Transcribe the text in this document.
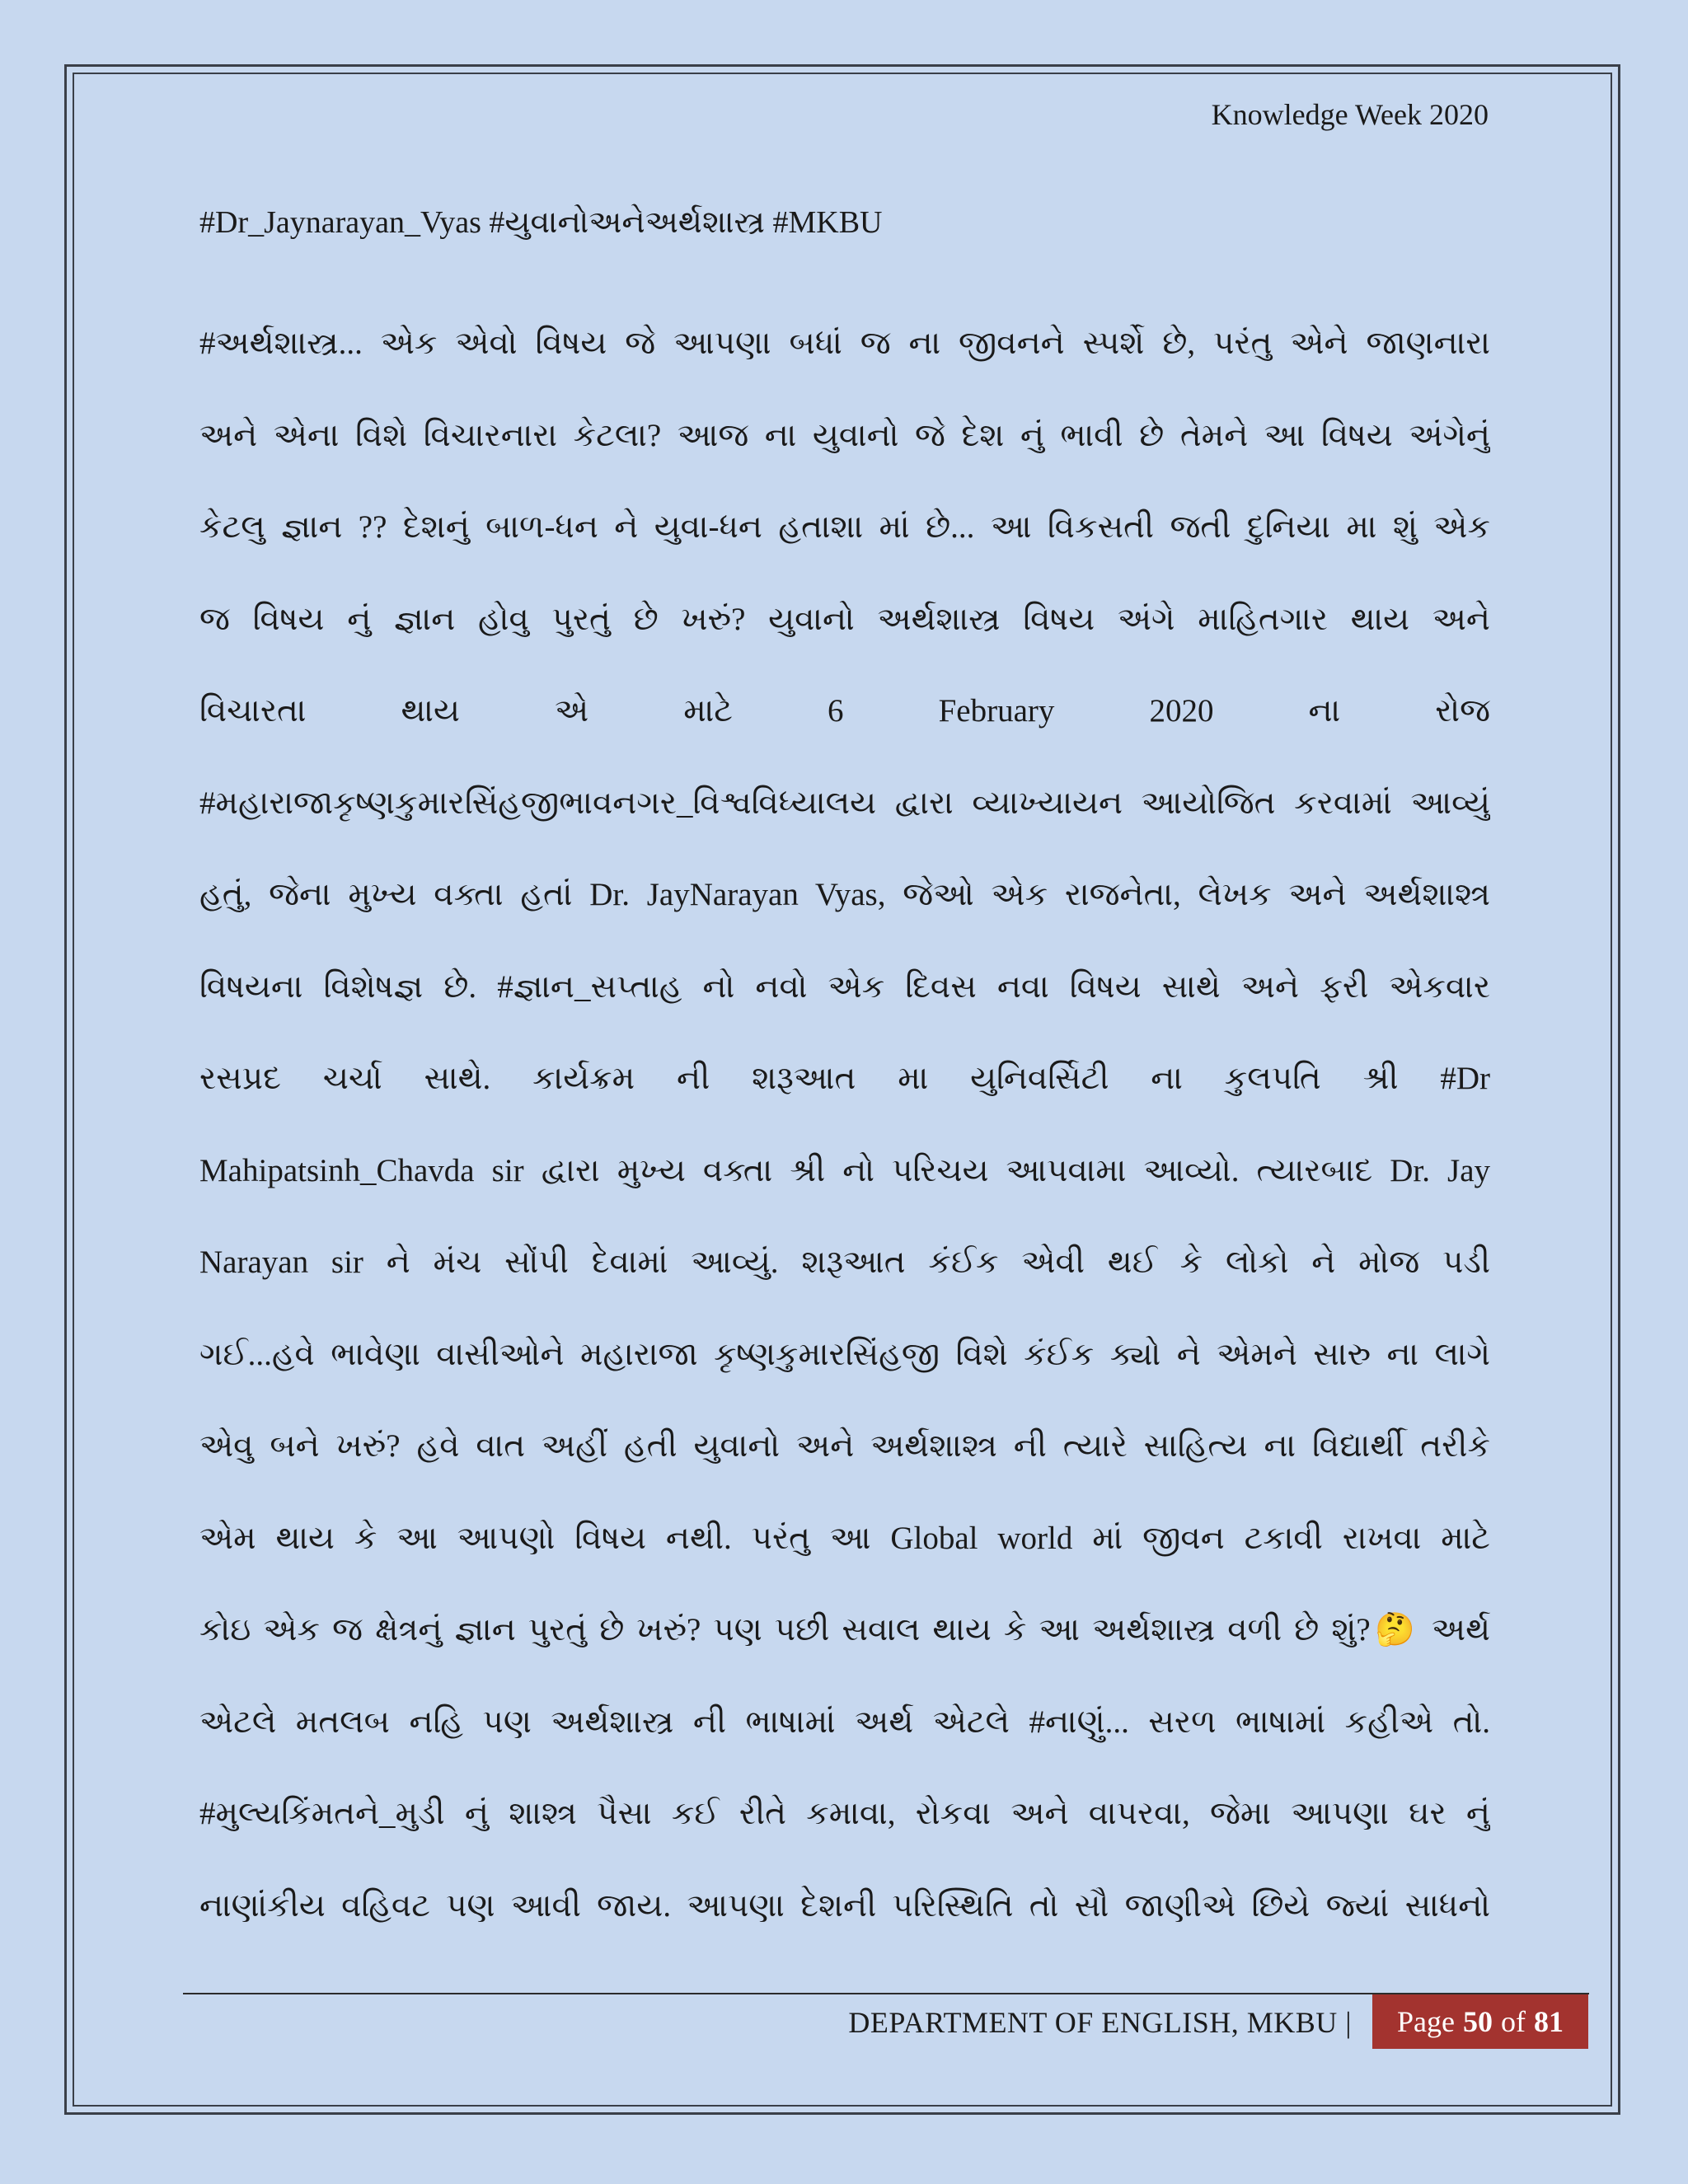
Knowledge Week 2020
#Dr_Jaynarayan_Vyas #યુવાનોઅનેઅર્થશાસ્ત્ર #MKBU
#અર્થશાસ્ત્ર... એક એવો વિષય જે આપણા બધાં જ ના જીવનને સ્પર્શે છે, પરંતુ એને જાણનારા
અને એના વિશે વિચારનારા કેટલા? આજ ના યુવાનો જે દેશ નું ભાવી છે તેમને આ વિષય અંગેનું
કેટલુ જ્ઞાન ?? દેશનું બાળ-ધન ને યુવા-ધન હતાશા માં છે... આ વિકસતી જતી દુનિયા મા શું એક
જ વિષય નું જ્ઞાન હોવુ પુરતું છે ખરું? યુવાનો અર્થશાસ્ત્ર વિષય અંગે માહિતગાર થાય અને
વિચારતા થાય એ માટે 6 February 2020 ના રોજ
#મહારાજાકૃષ્ણકુમારસિંહજીભાવનગર_વિશ્વવિધ્યાલય દ્વારા વ્યાખ્યાયન આયોજિત કરવામાં આવ્યું
હતું, જેના મુખ્ય વક્તા હતાં Dr. JayNarayan Vyas, જેઓ એક રાજનેતા, લેખક અને અર્થશાશ્ત્ર
વિષયના વિશેષજ્ઞ છે. #જ્ઞાન_સપ્તાહ નો નવો એક દિવસ નવા વિષય સાથે અને ફરી એકવાર
રસપ્રદ ચર્ચા સાથે. કાર્યક્રમ ની શરૂઆત મા યુનિવર્સિટી ના કુલપતિ શ્રી #Dr
Mahipatsinh_Chavda sir દ્વારા મુખ્ય વક્તા શ્રી નો પરિચય આપવામા આવ્યો. ત્યારબાદ Dr. Jay
Narayan sir ને મંચ સોંપી દેવામાં આવ્યું. શરૂઆત કંઈક એવી થઈ કે લોકો ને મોજ પડી
ગઈ...હવે ભાવેણા વાસીઓને મહારાજા કૃષ્ણકુમારસિંહજી વિશે કંઈક ક્યો ને એમને સારુ ના લાગે
એવુ બને ખરું? હવે વાત અહીં હતી યુવાનો અને અર્થશાશ્ત્ર ની ત્યારે સાહિત્ય ના વિદ્યાર્થી તરીકે
એમ થાય કે આ આપણો વિષય નથી. પરંતુ આ Global world માં જીવન ટકાવી રાખવા માટે
કોઇ એક જ ક્ષેત્રનું જ્ઞાન પુરતું છે ખરું? પણ પછી સવાલ થાય કે આ અર્થશાસ્ત્ર વળી છે શું?🤔 અર્થ
એટલે મતલબ નહિ પણ અર્થશાસ્ત્ર ની ભાષામાં અર્થ એટલે #નાણું... સરળ ભાષામાં કહીએ તો.
#મુલ્યકિંમતને_મુડી નું શાશ્ત્ર પૈસા કઈ રીતે કમાવા, રોકવા અને વાપરવા, જેમા આપણા ઘર નું
નાણાંકીય વહિવટ પણ આવી જાય. આપણા દેશની પરિસ્થિતિ તો સૌ જાણીએ છિયે જ્યાં સાધનો
DEPARTMENT OF ENGLISH, MKBU | Page 50 of 81
